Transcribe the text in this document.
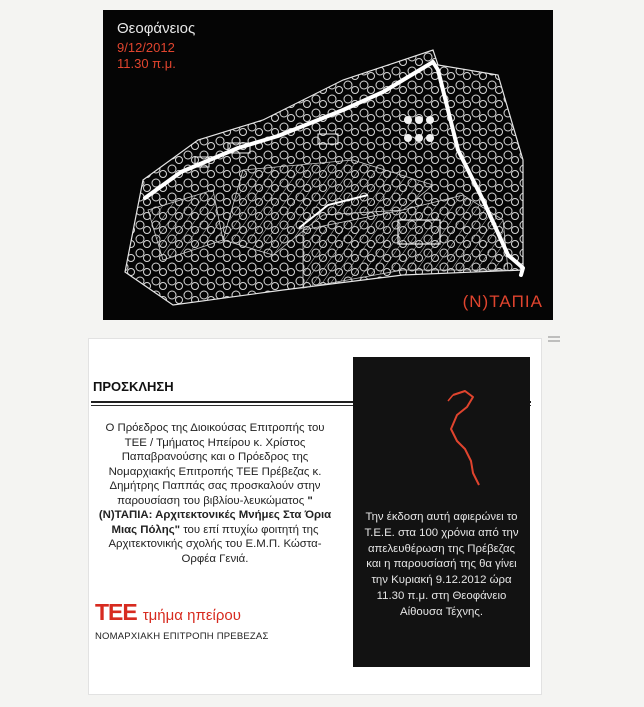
Θεοφάνειος
9/12/2012
11.30 π.μ.
(Ν)ΤΑΠΙΑ
ΠΡΟΣΚΛΗΣΗ
Ο Πρόεδρος της Διοικούσας Επιτροπής του ΤΕΕ / Τμήματος Ηπείρου κ. Χρίστος Παπαβρανούσης και ο Πρόεδρος της Νομαρχιακής Επιτροπής ΤΕΕ Πρέβεζας κ. Δημήτρης Παππάς σας προσκαλούν στην παρουσίαση του βιβλίου-λευκώματος "(Ν)ΤΑΠΙΑ: Αρχιτεκτονικές Μνήμες Στα Όρια Μιας Πόλης" του επί πτυχίω φοιτητή της Αρχιτεκτονικής σχολής του Ε.Μ.Π. Κώστα-Ορφέα Γενιά.
ΤΕΕ τμήμα ηπείρου
ΝΟΜΑΡΧΙΑΚΗ ΕΠΙΤΡΟΠΗ ΠΡΕΒΕΖΑΣ
Την έκδοση αυτή αφιερώνει το Τ.Ε.Ε. στα 100 χρόνια από την απελευθέρωση της Πρέβεζας και η παρουσίασή της θα γίνει την Κυριακή 9.12.2012 ώρα 11.30 π.μ. στη Θεοφάνειο Αίθουσα Τέχνης.
